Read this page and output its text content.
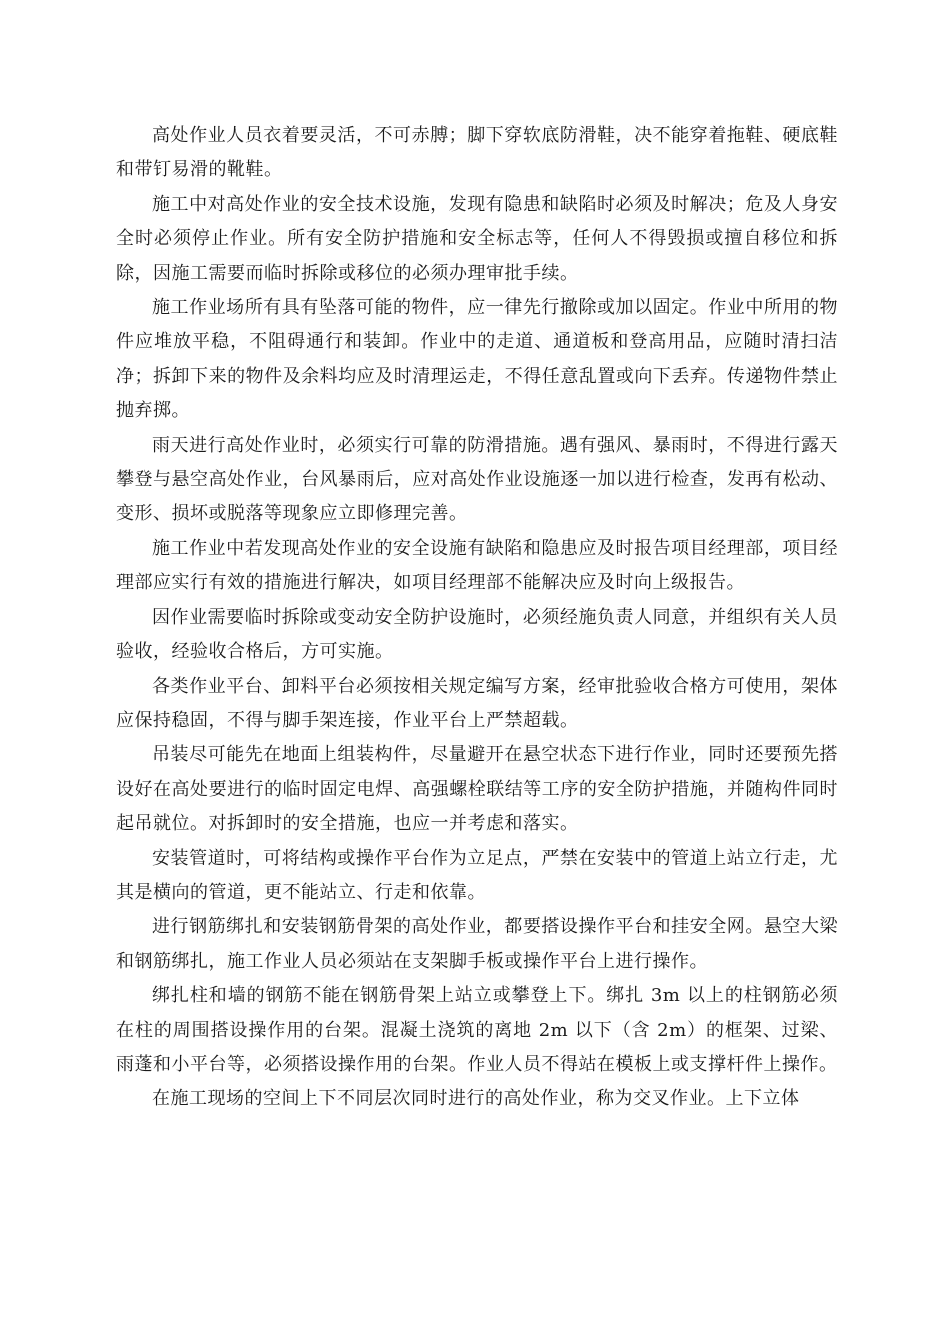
高处作业人员衣着要灵活，不可赤膊；脚下穿软底防滑鞋，决不能穿着拖鞋、硬底鞋和带钉易滑的靴鞋。

施工中对高处作业的安全技术设施，发现有隐患和缺陷时必须及时解决；危及人身安全时必须停止作业。所有安全防护措施和安全标志等，任何人不得毁损或擅自移位和拆除，因施工需要而临时拆除或移位的必须办理审批手续。

施工作业场所有具有坠落可能的物件，应一律先行撤除或加以固定。作业中所用的物件应堆放平稳，不阻碍通行和装卸。作业中的走道、通道板和登高用品，应随时清扫洁净；拆卸下来的物件及余料均应及时清理运走，不得任意乱置或向下丢弃。传递物件禁止抛弃掷。

雨天进行高处作业时，必须实行可靠的防滑措施。遇有强风、暴雨时，不得进行露天攀登与悬空高处作业，台风暴雨后，应对高处作业设施逐一加以进行检查，发再有松动、变形、损坏或脱落等现象应立即修理完善。

施工作业中若发现高处作业的安全设施有缺陷和隐患应及时报告项目经理部，项目经理部应实行有效的措施进行解决，如项目经理部不能解决应及时向上级报告。

因作业需要临时拆除或变动安全防护设施时，必须经施负责人同意，并组织有关人员验收，经验收合格后，方可实施。

各类作业平台、卸料平台必须按相关规定编写方案，经审批验收合格方可使用，架体应保持稳固，不得与脚手架连接，作业平台上严禁超载。

吊装尽可能先在地面上组装构件，尽量避开在悬空状态下进行作业，同时还要预先搭设好在高处要进行的临时固定电焊、高强螺栓联结等工序的安全防护措施，并随构件同时起吊就位。对拆卸时的安全措施，也应一并考虑和落实。

安装管道时，可将结构或操作平台作为立足点，严禁在安装中的管道上站立行走，尤其是横向的管道，更不能站立、行走和依靠。

进行钢筋绑扎和安装钢筋骨架的高处作业，都要搭设操作平台和挂安全网。悬空大梁和钢筋绑扎，施工作业人员必须站在支架脚手板或操作平台上进行操作。

绑扎柱和墙的钢筋不能在钢筋骨架上站立或攀登上下。绑扎 3m 以上的柱钢筋必须在柱的周围搭设操作用的台架。混凝土浇筑的离地 2m 以下（含 2m）的框架、过梁、雨蓬和小平台等，必须搭设操作用的台架。作业人员不得站在模板上或支撑杆件上操作。

在施工现场的空间上下不同层次同时进行的高处作业，称为交叉作业。上下立体
